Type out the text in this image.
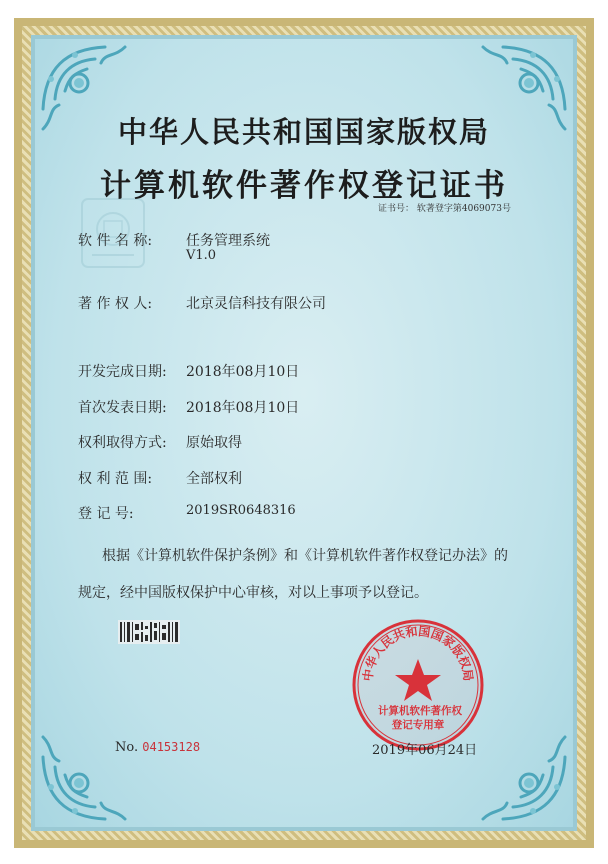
中华人民共和国国家版权局
计算机软件著作权登记证书
证书号： 软著登字第4069073号
软 件 名 称: 任务管理系统
V1.0
著 作 权 人: 北京灵信科技有限公司
开发完成日期: 2018年08月10日
首次发表日期: 2018年08月10日
权利取得方式: 原始取得
权 利 范 围: 全部权利
登 记 号:	2019SR0648316
根据《计算机软件保护条例》和《计算机软件著作权登记办法》的
规定，经中国版权保护中心审核，对以上事项予以登记。
No. 04153128
中华人民共和国国家版权局
计算机软件著作权
登记专用章
2019年06月24日
